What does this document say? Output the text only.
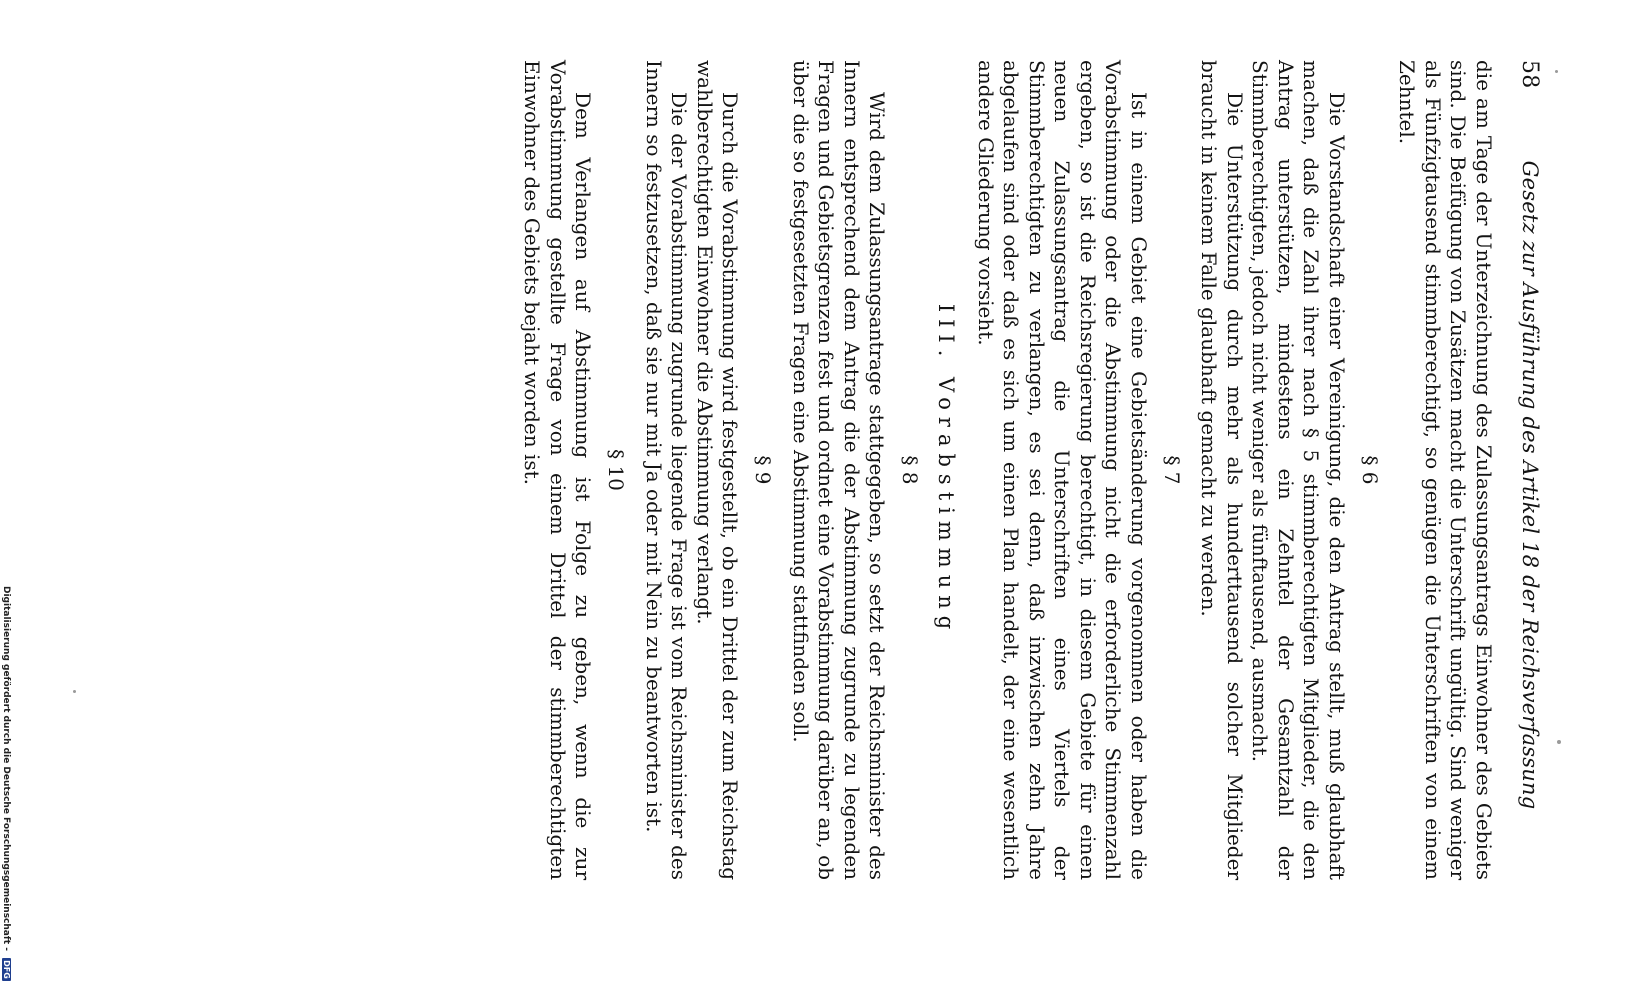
Digitalisierung gefördert durch die Deutsche Forschungsgemeinschaft - DFG
58
Gesetz zur Ausführung des Artikel 18 der Reichsverfassung

die am Tage der Unterzeichnung des Zulassungsantrags Einwohner des Gebiets sind. Die Beifügung von Zusätzen macht die Unterschrift ungültig. Sind weniger als Fünfzigtausend stimmberechtigt, so genügen die Unterschriften von einem Zehntel.

§ 6

Die Vorstandschaft einer Vereinigung, die den Antrag stellt, muß glaubhaft machen, daß die Zahl ihrer nach § 5 stimmberechtigten Mitglieder, die den Antrag unterstützen, mindestens ein Zehntel der Gesamtzahl der Stimmberechtigten, jedoch nicht weniger als fünftausend, ausmacht.

Die Unterstützung durch mehr als hunderttausend solcher Mitglieder braucht in keinem Falle glaubhaft gemacht zu werden.

§ 7

Ist in einem Gebiet eine Gebietsänderung vorgenommen oder haben die Vorabstimmung oder die Abstimmung nicht die erforderliche Stimmenzahl ergeben, so ist die Reichsregierung berechtigt, in diesem Gebiete für einen neuen Zulassungsantrag die Unterschriften eines Viertels der Stimmberechtigten zu verlangen, es sei denn, daß inzwischen zehn Jahre abgelaufen sind oder daß es sich um einen Plan handelt, der eine wesentlich andere Gliederung vorsieht.

III. Vorabstimmung
§ 8

Wird dem Zulassungsantrage stattgegeben, so setzt der Reichsminister des Innern entsprechend dem Antrag die der Abstimmung zugrunde zu legenden Fragen und Gebietsgrenzen fest und ordnet eine Vorabstimmung darüber an, ob über die so festgesetzten Fragen eine Abstimmung stattfinden soll.

§ 9

Durch die Vorabstimmung wird festgestellt, ob ein Drittel der zum Reichstag wahlberechtigten Einwohner die Abstimmung verlangt.

Die der Vorabstimmung zugrunde liegende Frage ist vom Reichsminister des Innern so festzusetzen, daß sie nur mit Ja oder mit Nein zu beantworten ist.

§ 10

Dem Verlangen auf Abstimmung ist Folge zu geben, wenn die zur Vorabstimmung gestellte Frage von einem Drittel der stimmberechtigten Einwohner des Gebiets bejaht worden ist.
